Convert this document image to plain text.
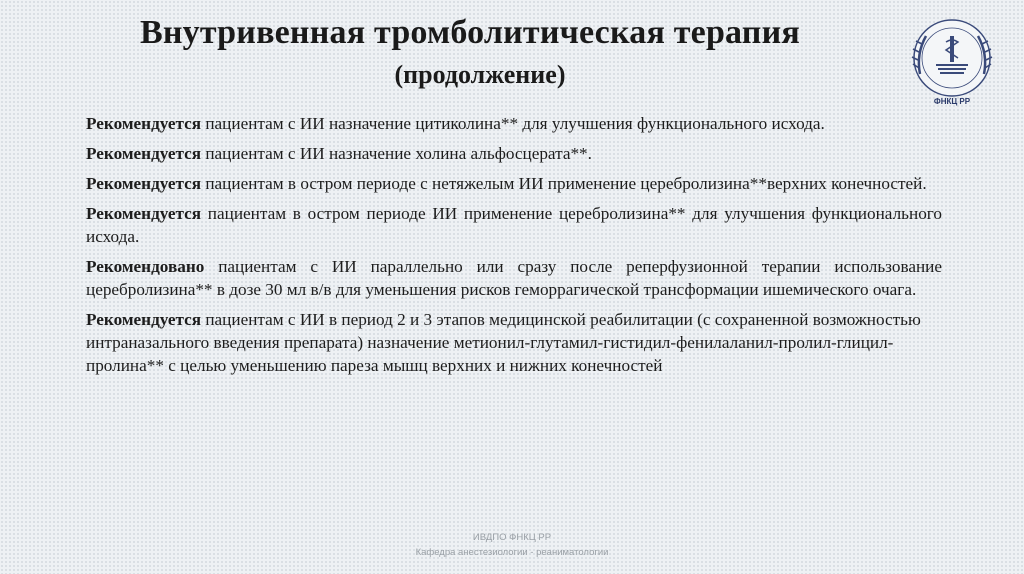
Внутривенная тромболитическая терапия
(продолжение)
ФНКЦ РР

Рекомендуется пациентам с ИИ назначение цитиколина** для улучшения функционального исхода.

Рекомендуется пациентам с ИИ назначение холина альфосцерата**.

Рекомендуется пациентам в остром периоде с нетяжелым ИИ применение церебролизина**верхних конечностей.

Рекомендуется пациентам в остром периоде ИИ применение церебролизина** для улучшения функционального исхода.

Рекомендовано пациентам с ИИ параллельно или сразу после реперфузионной терапии использование церебролизина** в дозе 30 мл в/в для уменьшения рисков геморрагической трансформации ишемического очага.

Рекомендуется пациентам с ИИ в период 2 и 3 этапов медицинской реабилитации (с сохраненной возможностью интраназального введения препарата) назначение метионил-глутамил-гистидил-фенилаланил-пролил-глицил-пролина** с целью уменьшению пареза мышц верхних и нижних конечностей

ИВДПО ФНКЦ РР
Кафедра анестезиологии - реаниматологии
